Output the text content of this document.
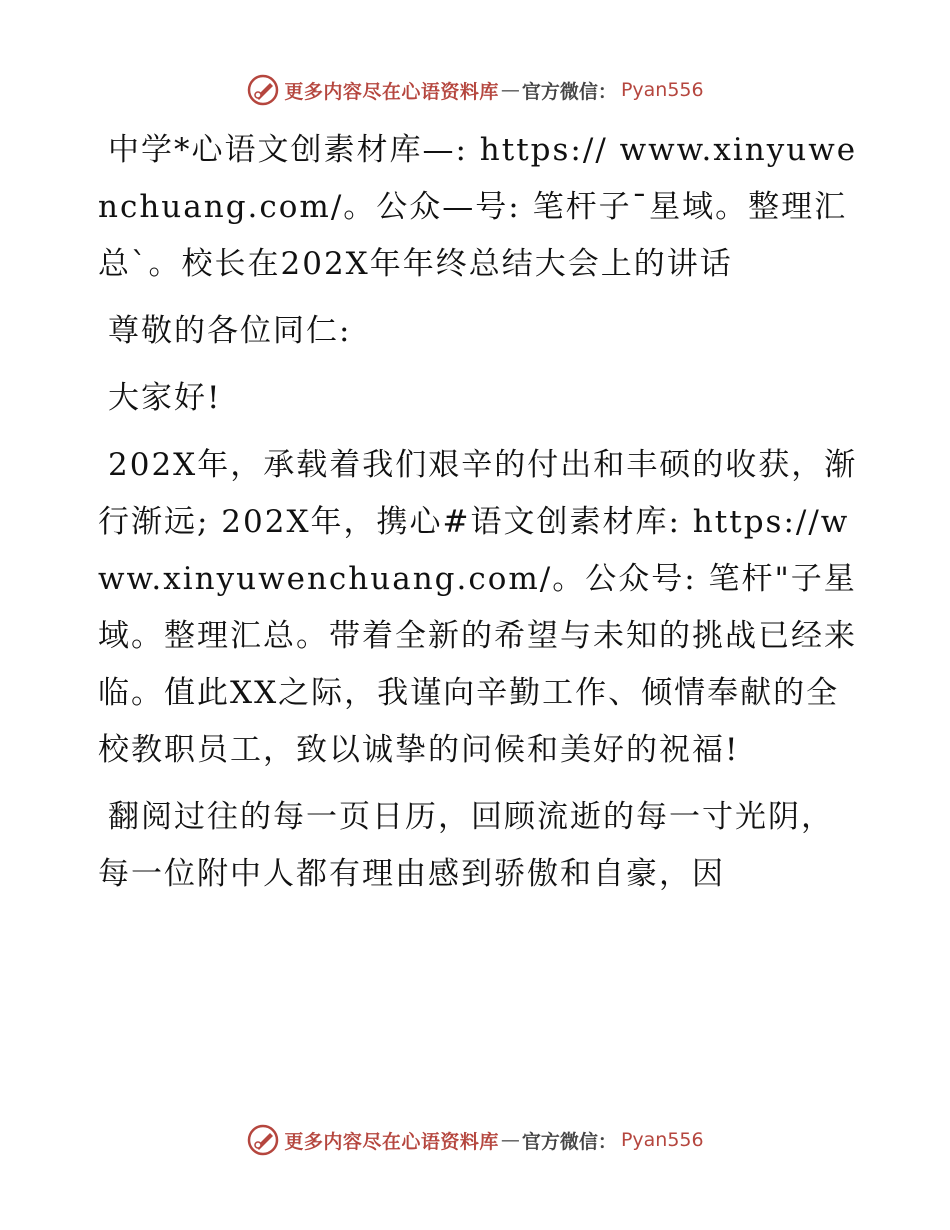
更多内容尽在心语资料库 — 官方微信： Pyan556

中学*心语文创素材库—: https:// www.xinyuwenchuang.com/。公众—号: 笔杆子¯星域。整理汇总`。校长在202X年年终总结大会上的讲话

尊敬的各位同仁:

大家好!

202X年，承载着我们艰辛的付出和丰硕的收获，渐行渐远; 202X年，携心#语文创素材库: https://www.xinyuwenchuang.com/。公众号: 笔杆"子星域。整理汇总。带着全新的希望与未知的挑战已经来临。值此XX之际，我谨向辛勤工作、倾情奉献的全校教职员工，致以诚挚的问候和美好的祝福!

翻阅过往的每一页日历，回顾流逝的每一寸光阴，每一位附中人都有理由感到骄傲和自豪，因

更多内容尽在心语资料库 — 官方微信： Pyan556
